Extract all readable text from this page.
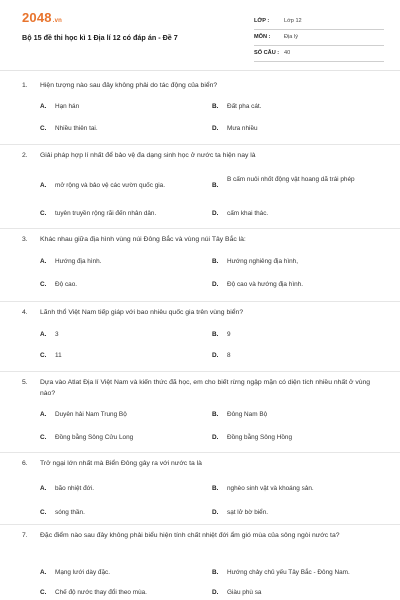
2048.vn
Bộ 15 đề thi học kì 1 Địa lí 12 có đáp án - Đề 7
LỚP :	Lớp 12
MÔN : Địa lý
SỐ CÂU : 40
1. Hiện tượng nào sau đây không phải do tác động của biển?
A. Hạn hán	B. Đất pha cát.
C. Nhiều thiên tai.	D. Mưa nhiều
2. Giải pháp hợp lí nhất để bảo vệ đa dạng sinh học ở nước ta hiện nay là
A. mở rộng và bảo vệ các vườn quốc gia.	B.
B cấm nuôi nhốt động vật hoang dã trái phép
C. tuyên truyền rộng rãi đến nhân dân.	D. cấm khai thác.
3. Khác nhau giữa địa hình vùng núi Đông Bắc và vùng núi Tây Bắc là:
A. Hướng địa hình.	B. Hướng nghiêng địa hình,
C. Độ cao.	D. Độ cao và hướng địa hình.
4. Lãnh thổ Việt Nam tiếp giáp với bao nhiêu quốc gia trên vùng biển?
A. 3	B. 9
C. 11	D. 8
5. Dựa vào Atlat Địa lí Việt Nam và kiến thức đã học, em cho biết rừng ngập mặn có diện tích nhiều nhất ở vùng nào?
A. Duyên hải Nam Trung Bộ	B. Đông Nam Bộ
C. Đồng bằng Sông Cửu Long	D. Đồng bằng Sông Hồng
6. Trở ngại lớn nhất mà Biển Đông gây ra với nước ta là
A. bão nhiệt đới.	B. nghèo sinh vật và khoáng sản.
C. sóng thần.	D. sạt lở bờ biển.
7. Đặc điểm nào sau đây không phải biểu hiện tính chất nhiệt đới ẩm gió mùa của sông ngòi nước ta?
A. Mạng lưới dày đặc.	B. Hướng chảy chủ yếu Tây Bắc - Đông Nam.
C. Chế độ nước thay đổi theo mùa.	D. Giàu phù sa
